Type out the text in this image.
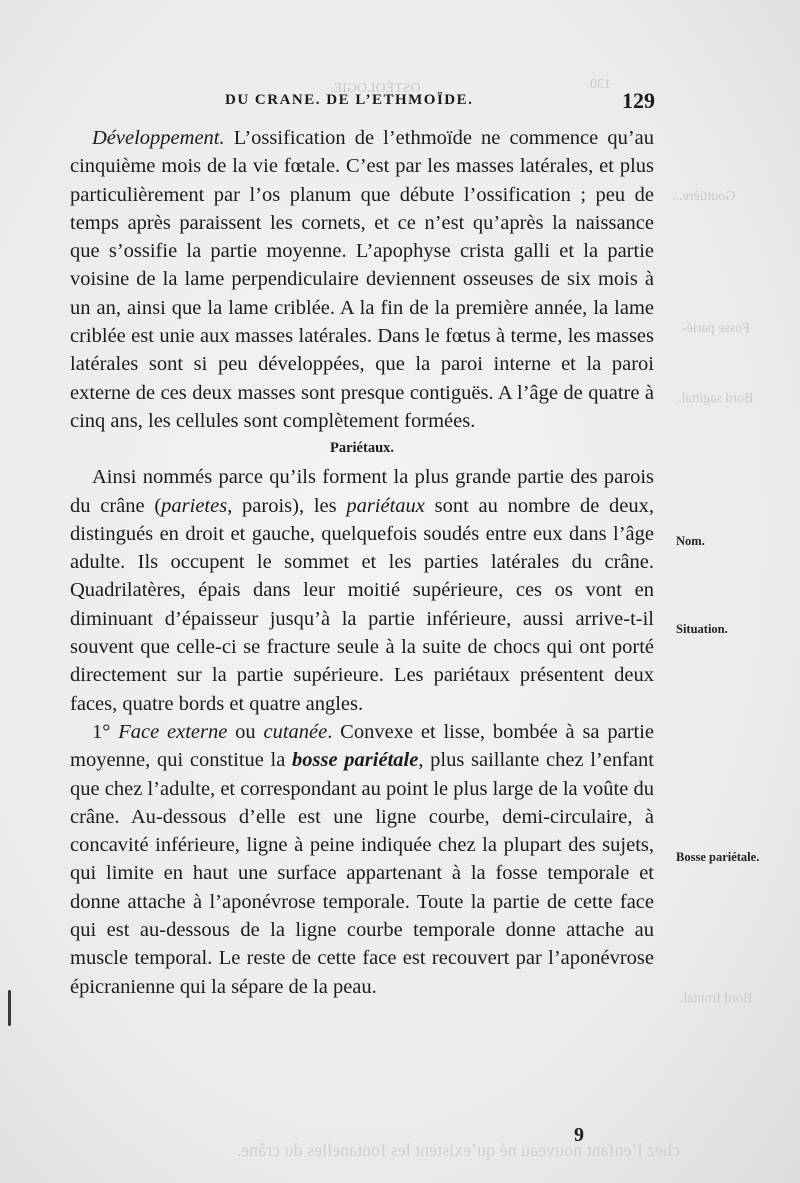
130
OSTÉOLOGIE.
Gouttière...
Fosse parié-
Bord sagittal.
Bord frontal.
DU CRANE. DE L’ETHMOÏDE.	129

Développement. L’ossification de l’ethmoïde ne commence qu’au cinquième mois de la vie fœtale. C’est par les masses latérales, et plus particulièrement par l’os planum que débute l’ossification ; peu de temps après paraissent les cornets, et ce n’est qu’après la naissance que s’ossifie la partie moyenne. L’apophyse crista galli et la partie voisine de la lame perpendiculaire deviennent osseuses de six mois à un an, ainsi que la lame criblée. A la fin de la première année, la lame criblée est unie aux masses latérales. Dans le fœtus à terme, les masses latérales sont si peu développées, que la paroi interne et la paroi externe de ces deux masses sont presque contiguës. A l’âge de quatre à cinq ans, les cellules sont complètement formées.

Pariétaux.

Ainsi nommés parce qu’ils forment la plus grande partie des parois du crâne (parietes, parois), les pariétaux sont au nombre de deux, distingués en droit et gauche, quelquefois soudés entre eux dans l’âge adulte. Ils occupent le sommet et les parties latérales du crâne. Quadrilatères, épais dans leur moitié supérieure, ces os vont en diminuant d’épaisseur jusqu’à la partie inférieure, aussi arrive-t-il souvent que celle-ci se fracture seule à la suite de chocs qui ont porté directement sur la partie supérieure. Les pariétaux présentent deux faces, quatre bords et quatre angles.

1° Face externe ou cutanée. Convexe et lisse, bombée à sa partie moyenne, qui constitue la bosse pariétale, plus saillante chez l’enfant que chez l’adulte, et correspondant au point le plus large de la voûte du crâne. Au-dessous d’elle est une ligne courbe, demi-circulaire, à concavité inférieure, ligne à peine indiquée chez la plupart des sujets, qui limite en haut une surface appartenant à la fosse temporale et donne attache à l’aponévrose temporale. Toute la partie de cette face qui est au-dessous de la ligne courbe temporale donne attache au muscle temporal. Le reste de cette face est recouvert par l’aponévrose épicranienne qui la sépare de la peau.

Nom.
Situation.
Bosse pariétale.
9
chez l’enfant nouveau né qu’existent les fontanelles du crâne.
